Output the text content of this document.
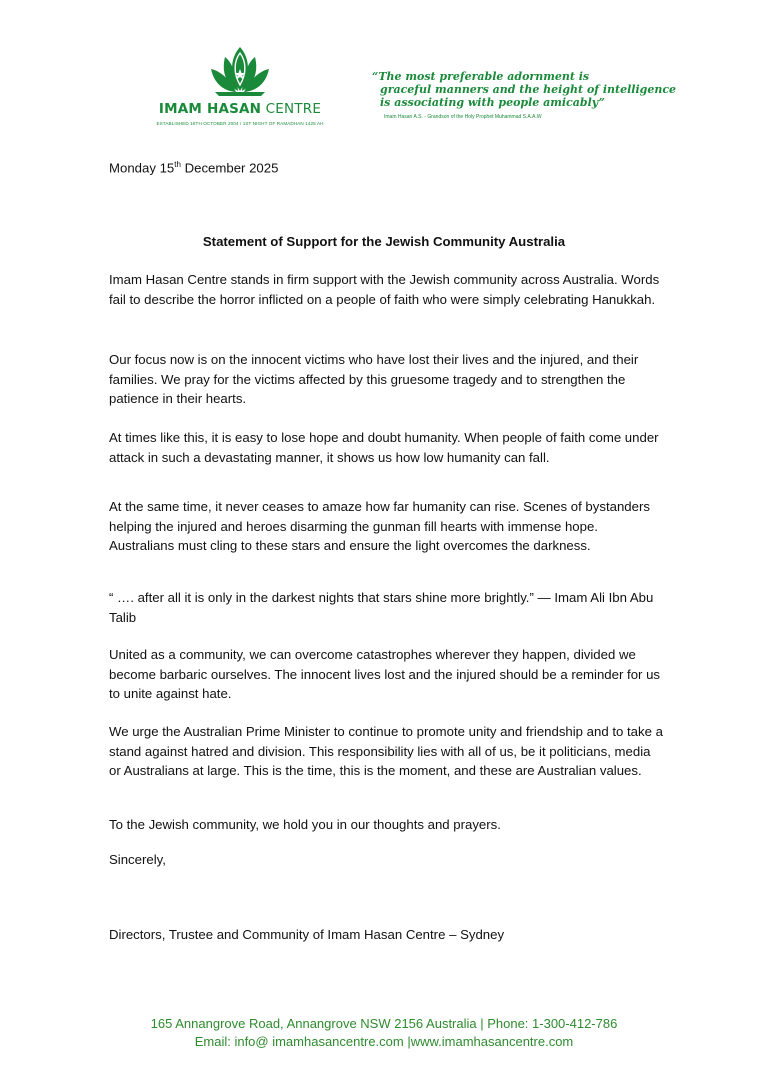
IMAM HASAN CENTRE
ESTABLISHED 16TH OCTOBER 2004 / 1ST NIGHT OF RAMADHAN 1425 AH
“The most preferable adornment is
graceful manners and the height of intelligence
is associating with people amicably”
Imam Hasan A.S. - Grandson of the Holy Prophet Muhammad S.A.A.W
Monday 15th December 2025
Statement of Support for the Jewish Community Australia

Imam Hasan Centre stands in firm support with the Jewish community across Australia. Words fail to describe the horror inflicted on a people of faith who were simply celebrating Hanukkah.

Our focus now is on the innocent victims who have lost their lives and the injured, and their families. We pray for the victims affected by this gruesome tragedy and to strengthen the patience in their hearts.

At times like this, it is easy to lose hope and doubt humanity. When people of faith come under attack in such a devastating manner, it shows us how low humanity can fall.

At the same time, it never ceases to amaze how far humanity can rise. Scenes of bystanders helping the injured and heroes disarming the gunman fill hearts with immense hope. Australians must cling to these stars and ensure the light overcomes the darkness.

“ …. after all it is only in the darkest nights that stars shine more brightly.” — Imam Ali Ibn Abu Talib

United as a community, we can overcome catastrophes wherever they happen, divided we become barbaric ourselves. The innocent lives lost and the injured should be a reminder for us to unite against hate.

We urge the Australian Prime Minister to continue to promote unity and friendship and to take a stand against hatred and division. This responsibility lies with all of us, be it politicians, media or Australians at large. This is the time, this is the moment, and these are Australian values.

To the Jewish community, we hold you in our thoughts and prayers.

Sincerely,

Directors, Trustee and Community of Imam Hasan Centre – Sydney

165 Annangrove Road, Annangrove NSW 2156 Australia | Phone: 1-300-412-786
Email: info@ imamhasancentre.com |www.imamhasancentre.com
